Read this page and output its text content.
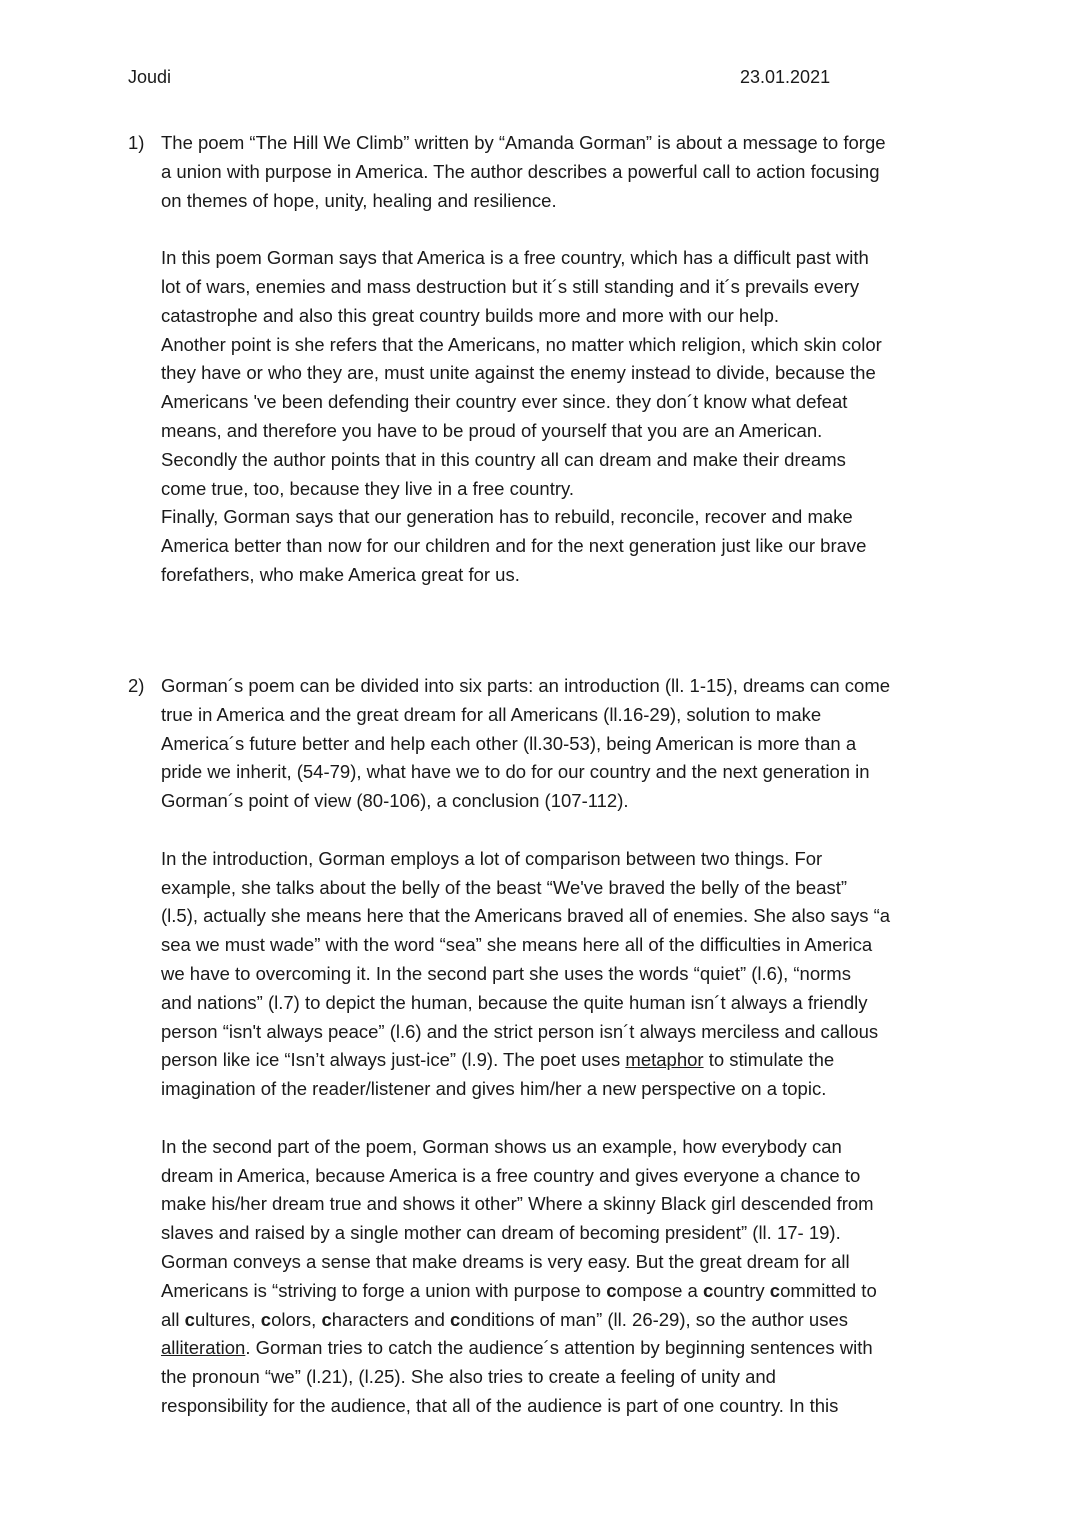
Joudi	23.01.2021
1) The poem “The Hill We Climb” written by “Amanda Gorman” is about a message to forge
a union with purpose in America. The author describes a powerful call to action focusing
on themes of hope, unity, healing and resilience.
In this poem Gorman says that America is a free country, which has a difficult past with
lot of wars, enemies and mass destruction but it´s still standing and it´s prevails every
catastrophe and also this great country builds more and more with our help.
Another point is she refers that the Americans, no matter which religion, which skin color
they have or who they are, must unite against the enemy instead to divide, because the
Americans 've been defending their country ever since. they don´t know what defeat
means, and therefore you have to be proud of yourself that you are an American.
Secondly the author points that in this country all can dream and make their dreams
come true, too, because they live in a free country.
Finally, Gorman says that our generation has to rebuild, reconcile, recover and make
America better than now for our children and for the next generation just like our brave
forefathers, who make America great for us.
2) Gorman´s poem can be divided into six parts: an introduction (ll. 1-15), dreams can come
true in America and the great dream for all Americans (ll.16-29), solution to make
America´s future better and help each other (ll.30-53), being American is more than a
pride we inherit, (54-79), what have we to do for our country and the next generation in
Gorman´s point of view (80-106), a conclusion (107-112).
In the introduction, Gorman employs a lot of comparison between two things. For
example, she talks about the belly of the beast “We've braved the belly of the beast”
(l.5), actually she means here that the Americans braved all of enemies. She also says “a
sea we must wade” with the word “sea” she means here all of the difficulties in America
we have to overcoming it. In the second part she uses the words “quiet” (l.6), “norms
and nations” (l.7) to depict the human, because the quite human isn´t always a friendly
person “isn't always peace” (l.6) and the strict person isn´t always merciless and callous
person like ice “Isn’t always just-ice” (l.9). The poet uses metaphor to stimulate the
imagination of the reader/listener and gives him/her a new perspective on a topic.
In the second part of the poem, Gorman shows us an example, how everybody can
dream in America, because America is a free country and gives everyone a chance to
make his/her dream true and shows it other” Where a skinny Black girl descended from
slaves and raised by a single mother can dream of becoming president” (ll. 17- 19).
Gorman conveys a sense that make dreams is very easy. But the great dream for all
Americans is “striving to forge a union with purpose to compose a country committed to
all cultures, colors, characters and conditions of man” (ll. 26-29), so the author uses
alliteration. Gorman tries to catch the audience´s attention by beginning sentences with
the pronoun “we” (l.21), (l.25). She also tries to create a feeling of unity and
responsibility for the audience, that all of the audience is part of one country. In this
